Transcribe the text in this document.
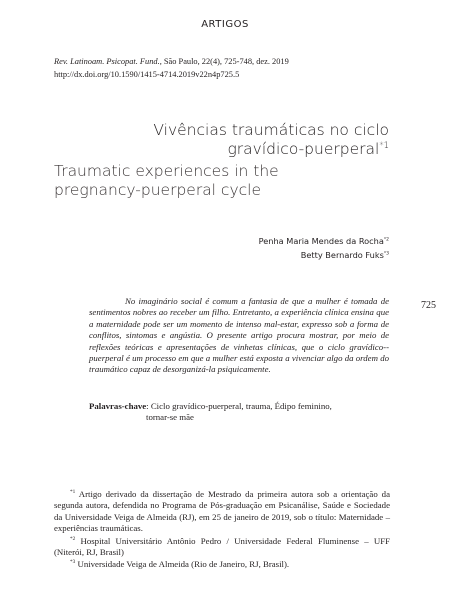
ARTIGOS
Rev. Latinoam. Psicopat. Fund., São Paulo, 22(4), 725-748, dez. 2019
http://dx.doi.org/10.1590/1415-4714.2019v22n4p725.5
Vivências traumáticas no ciclo
gravídico-puerperal$^{*1}$
Traumatic experiences in the
pregnancy-puerperal cycle
Penha Maria Mendes da Rocha$^{*2}$
Betty Bernardo Fuks$^{*3}$
725

No imaginário social é comum a fantasia de que a mulher é tomada de sentimentos nobres ao receber um filho. Entretanto, a experiência clínica ensina que a maternidade pode ser um momento de intenso mal-estar, expresso sob a forma de conflitos, sintomas e angústia. O presente artigo procura mostrar, por meio de reflexões teóricas e apresentações de vinhetas clínicas, que o ciclo gravídico--puerperal é um processo em que a mulher está exposta a vivenciar algo da ordem do traumático capaz de desorganizá-la psiquicamente.

Palavras-chave: Ciclo gravídico-puerperal, trauma, Édipo feminino,
tornar-se mãe

$^{*1}$ Artigo derivado da dissertação de Mestrado da primeira autora sob a orientação da segunda autora, defendida no Programa de Pós-graduação em Psicanálise, Saúde e Sociedade da Universidade Veiga de Almeida (RJ), em 25 de janeiro de 2019, sob o título: Maternidade – experiências traumáticas.

$^{*2}$ Hospital Universitário Antônio Pedro / Universidade Federal Fluminense – UFF (Niterói, RJ, Brasil)

$^{*3}$ Universidade Veiga de Almeida (Rio de Janeiro, RJ, Brasil).
